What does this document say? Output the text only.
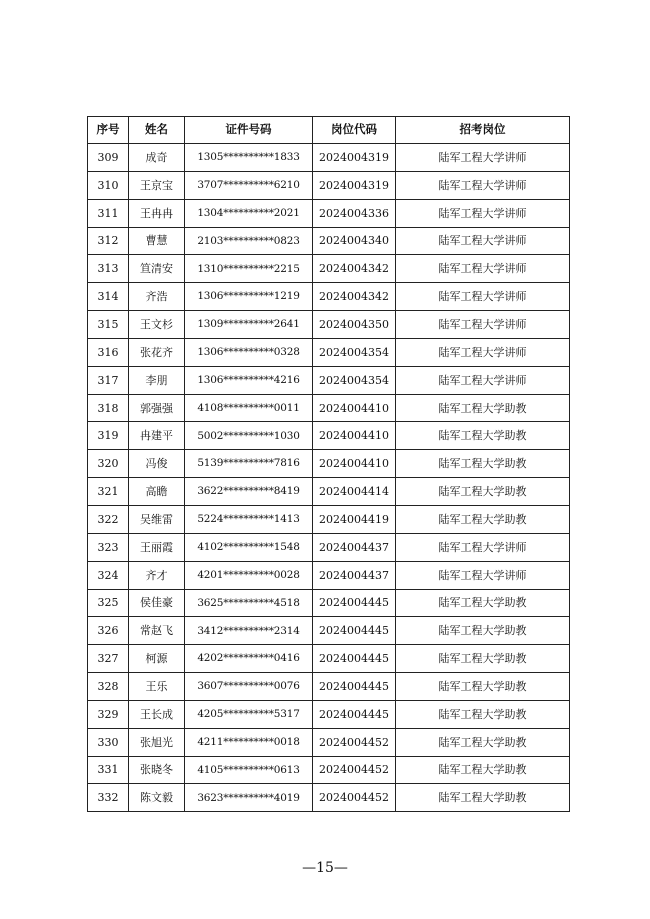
序号	姓名	证件号码	岗位代码	招考岗位
309	成奇	1305**********1833	2024004319	陆军工程大学讲师
310	王京宝	3707**********6210	2024004319	陆军工程大学讲师
311	王冉冉	1304**********2021	2024004336	陆军工程大学讲师
312	曹慧	2103**********0823	2024004340	陆军工程大学讲师
313	笪清安	1310**********2215	2024004342	陆军工程大学讲师
314	齐浩	1306**********1219	2024004342	陆军工程大学讲师
315	王文杉	1309**********2641	2024004350	陆军工程大学讲师
316	张花齐	1306**********0328	2024004354	陆军工程大学讲师
317	李朋	1306**********4216	2024004354	陆军工程大学讲师
318	郭强强	4108**********0011	2024004410	陆军工程大学助教
319	冉建平	5002**********1030	2024004410	陆军工程大学助教
320	冯俊	5139**********7816	2024004410	陆军工程大学助教
321	高瞻	3622**********8419	2024004414	陆军工程大学助教
322	吴维雷	5224**********1413	2024004419	陆军工程大学助教
323	王丽霞	4102**********1548	2024004437	陆军工程大学讲师
324	齐才	4201**********0028	2024004437	陆军工程大学讲师
325	侯佳豪	3625**********4518	2024004445	陆军工程大学助教
326	常赵飞	3412**********2314	2024004445	陆军工程大学助教
327	柯源	4202**********0416	2024004445	陆军工程大学助教
328	王乐	3607**********0076	2024004445	陆军工程大学助教
329	王长成	4205**********5317	2024004445	陆军工程大学助教
330	张旭光	4211**********0018	2024004452	陆军工程大学助教
331	张晓冬	4105**********0613	2024004452	陆军工程大学助教
332	陈文毅	3623**********4019	2024004452	陆军工程大学助教
—15—
